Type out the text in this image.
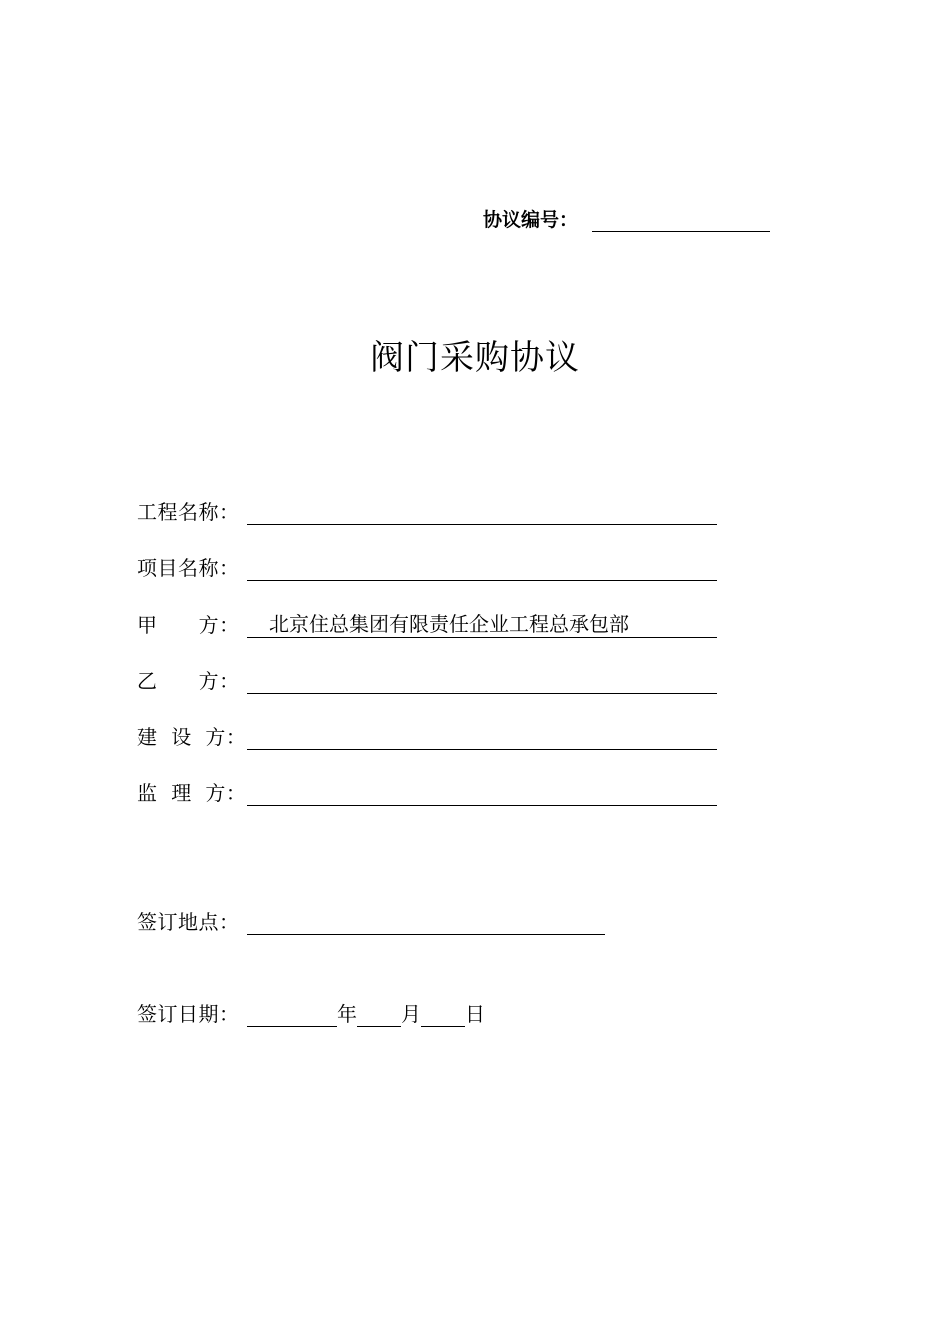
协议编号：
阀门采购协议
工程名称：
项目名称：
甲      方：	北京住总集团有限责任企业工程总承包部
乙      方：
建  设  方：
监  理  方：
签订地点：
签订日期：	年 月 日
